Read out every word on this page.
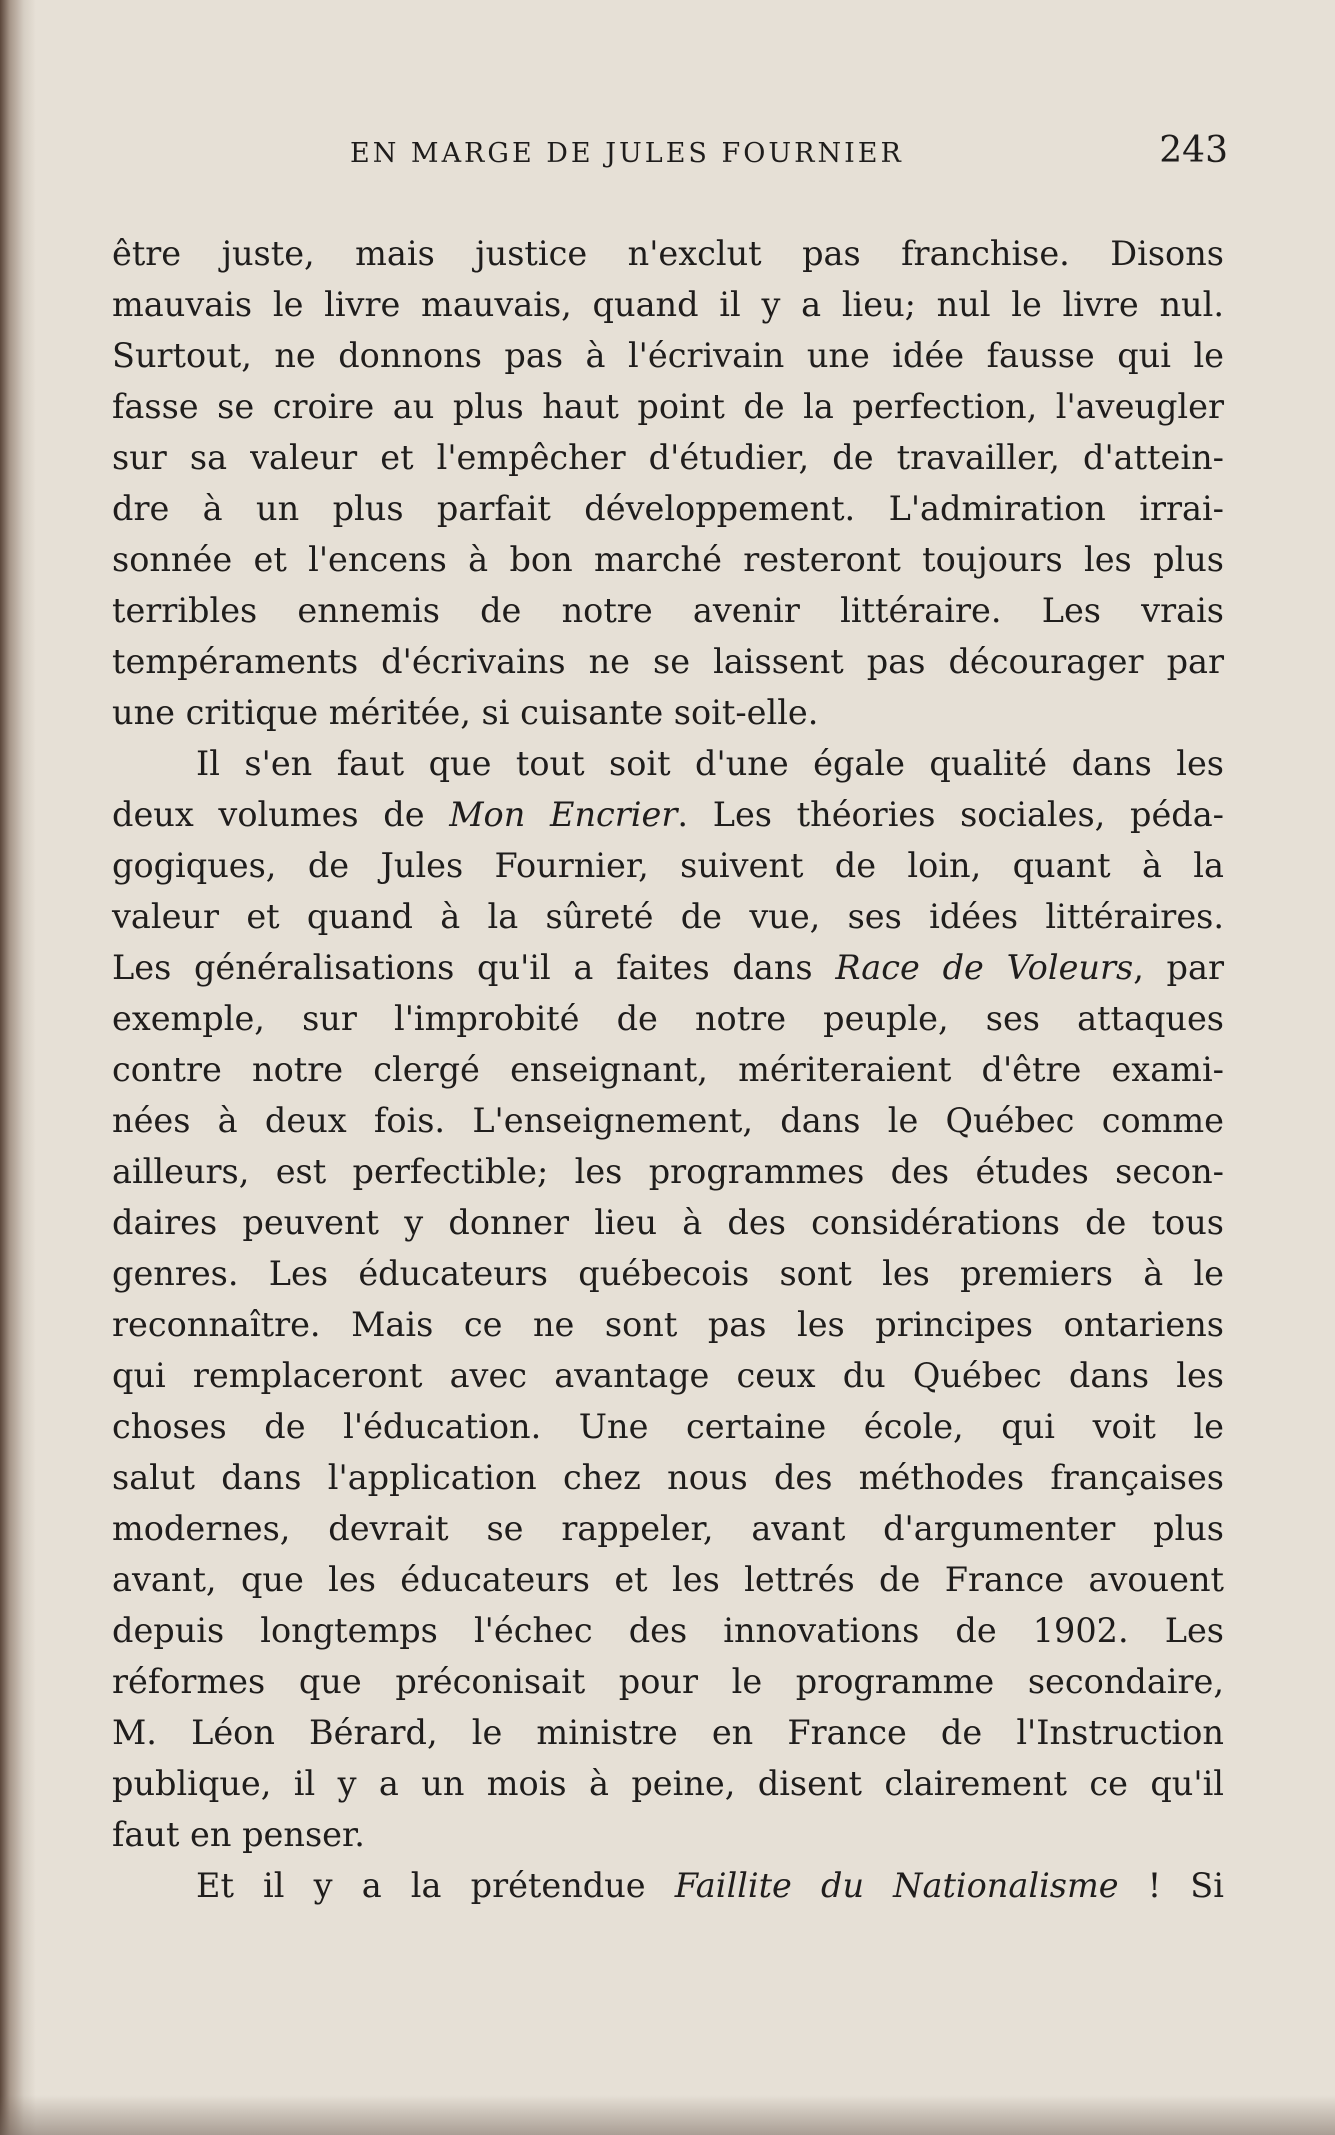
EN MARGE DE JULES FOURNIER	243
être juste, mais justice n'exclut pas franchise. Disons
mauvais le livre mauvais, quand il y a lieu; nul le livre nul.
Surtout, ne donnons pas à l'écrivain une idée fausse qui le
fasse se croire au plus haut point de la perfection, l'aveugler
sur sa valeur et l'empêcher d'étudier, de travailler, d'attein-
dre à un plus parfait développement. L'admiration irrai-
sonnée et l'encens à bon marché resteront toujours les plus
terribles ennemis de notre avenir littéraire. Les vrais
tempéraments d'écrivains ne se laissent pas décourager par
une critique méritée, si cuisante soit-elle.
Il s'en faut que tout soit d'une égale qualité dans les
deux volumes de Mon Encrier. Les théories sociales, péda-
gogiques, de Jules Fournier, suivent de loin, quant à la
valeur et quand à la sûreté de vue, ses idées littéraires.
Les généralisations qu'il a faites dans Race de Voleurs, par
exemple, sur l'improbité de notre peuple, ses attaques
contre notre clergé enseignant, mériteraient d'être exami-
nées à deux fois. L'enseignement, dans le Québec comme
ailleurs, est perfectible; les programmes des études secon-
daires peuvent y donner lieu à des considérations de tous
genres. Les éducateurs québecois sont les premiers à le
reconnaître. Mais ce ne sont pas les principes ontariens
qui remplaceront avec avantage ceux du Québec dans les
choses de l'éducation. Une certaine école, qui voit le
salut dans l'application chez nous des méthodes françaises
modernes, devrait se rappeler, avant d'argumenter plus
avant, que les éducateurs et les lettrés de France avouent
depuis longtemps l'échec des innovations de 1902. Les
réformes que préconisait pour le programme secondaire,
M. Léon Bérard, le ministre en France de l'Instruction
publique, il y a un mois à peine, disent clairement ce qu'il
faut en penser.
Et il y a la prétendue Faillite du Nationalisme ! Si
